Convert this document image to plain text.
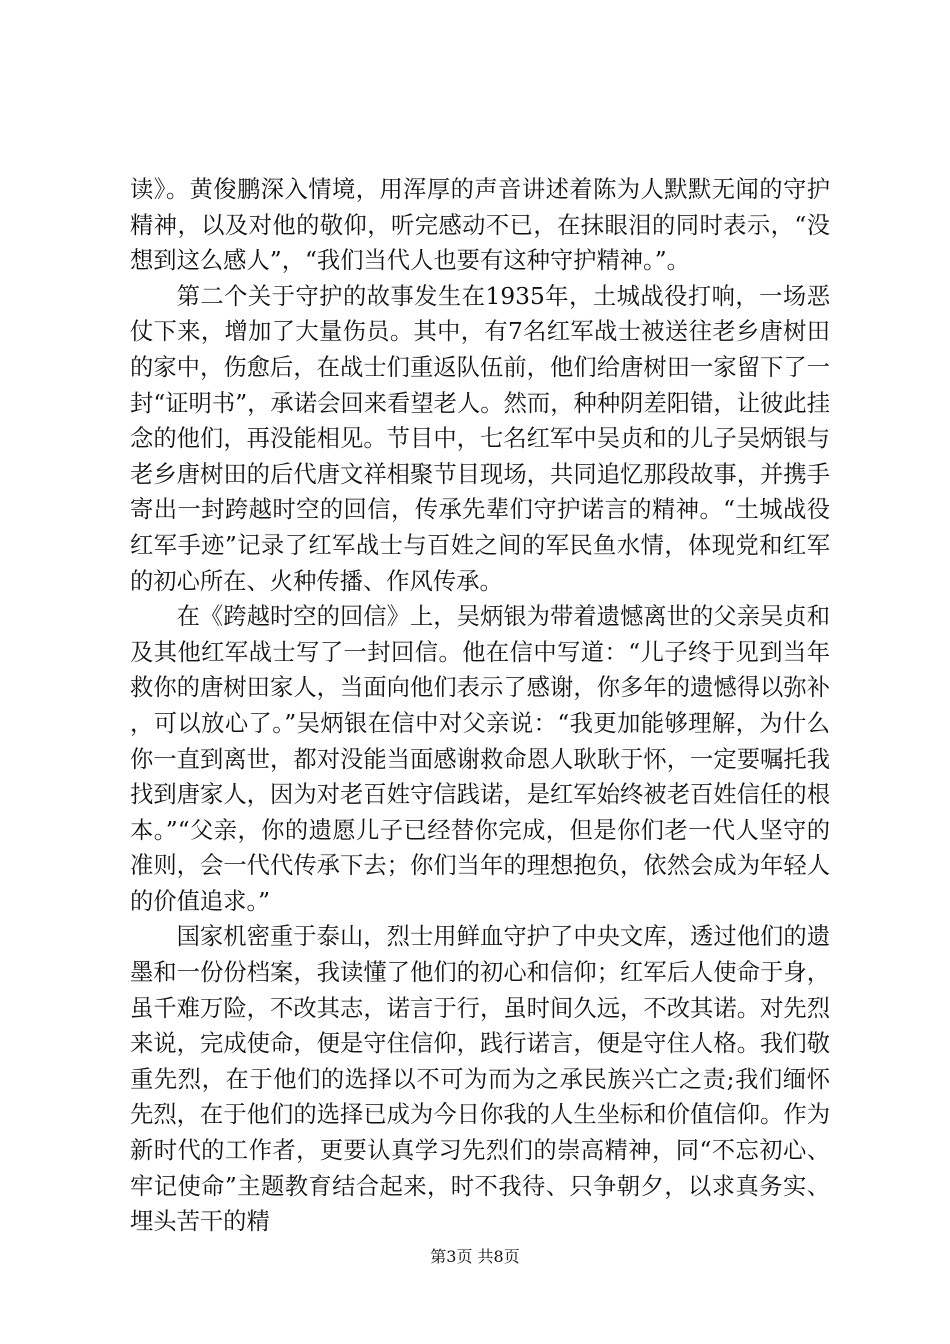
读》。黄俊鹏深入情境，用浑厚的声音讲述着陈为人默默无闻的守护精神，以及对他的敬仰，听完感动不已，在抹眼泪的同时表示，“没想到这么感人”，“我们当代人也要有这种守护精神。”。

第二个关于守护的故事发生在1935年，土城战役打响，一场恶仗下来，增加了大量伤员。其中，有7名红军战士被送往老乡唐树田的家中，伤愈后，在战士们重返队伍前，他们给唐树田一家留下了一封“证明书”，承诺会回来看望老人。然而，种种阴差阳错，让彼此挂念的他们，再没能相见。节目中，七名红军中吴贞和的儿子吴炳银与老乡唐树田的后代唐文祥相聚节目现场，共同追忆那段故事，并携手寄出一封跨越时空的回信，传承先辈们守护诺言的精神。“土城战役红军手迹”记录了红军战士与百姓之间的军民鱼水情，体现党和红军的初心所在、火种传播、作风传承。

在《跨越时空的回信》上，吴炳银为带着遗憾离世的父亲吴贞和及其他红军战士写了一封回信。他在信中写道：“儿子终于见到当年救你的唐树田家人，当面向他们表示了感谢，你多年的遗憾得以弥补，可以放心了。”吴炳银在信中对父亲说：“我更加能够理解，为什么你一直到离世，都对没能当面感谢救命恩人耿耿于怀，一定要嘱托我找到唐家人，因为对老百姓守信践诺，是红军始终被老百姓信任的根本。”“父亲，你的遗愿儿子已经替你完成，但是你们老一代人坚守的准则，会一代代传承下去；你们当年的理想抱负，依然会成为年轻人的价值追求。”

国家机密重于泰山，烈士用鲜血守护了中央文库，透过他们的遗墨和一份份档案，我读懂了他们的初心和信仰；红军后人使命于身，虽千难万险，不改其志，诺言于行，虽时间久远，不改其诺。对先烈来说，完成使命，便是守住信仰，践行诺言，便是守住人格。我们敬重先烈，在于他们的选择以不可为而为之承民族兴亡之责;我们缅怀先烈，在于他们的选择已成为今日你我的人生坐标和价值信仰。作为新时代的工作者，更要认真学习先烈们的崇高精神，同“不忘初心、牢记使命”主题教育结合起来，时不我待、只争朝夕，以求真务实、埋头苦干的精

第3页 共8页
